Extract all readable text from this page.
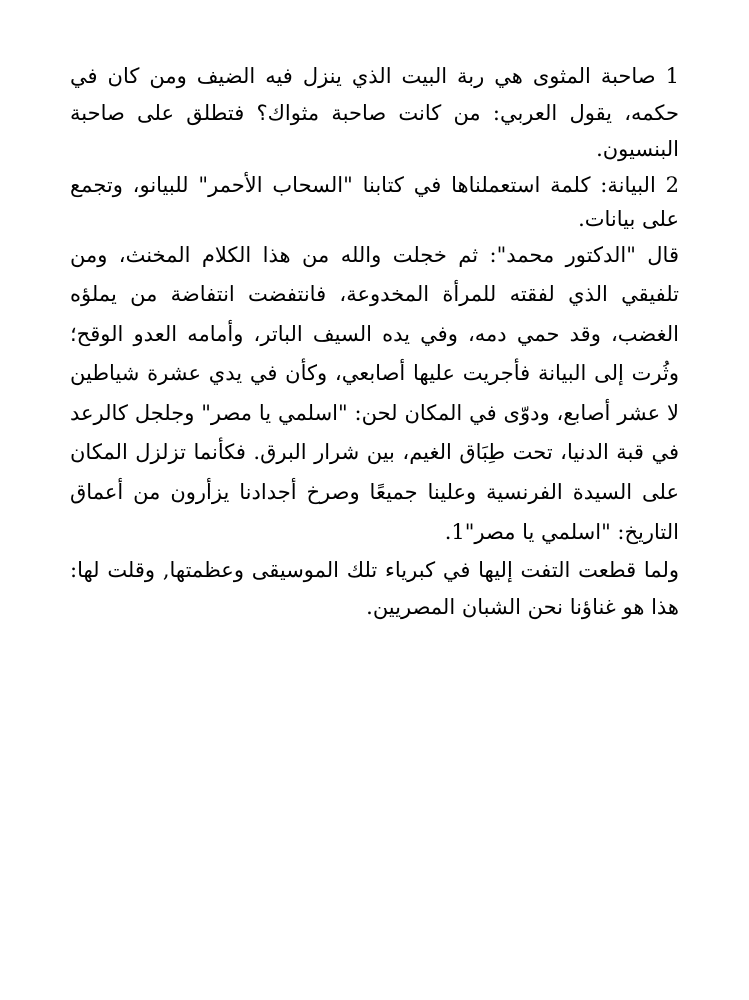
1 صاحبة المثوى هي ربة البيت الذي ينزل فيه الضيف ومن كان في حكمه، يقول العربي: من كانت صاحبة مثواك؟ فتطلق على صاحبة البنسيون.

2 البيانة: كلمة استعملناها في كتابنا "السحاب الأحمر" للبيانو، وتجمع على بيانات.

قال "الدكتور محمد": ثم خجلت والله من هذا الكلام المخنث، ومن تلفيقي الذي لفقته للمرأة المخدوعة، فانتفضت انتفاضة من يملؤه الغضب، وقد حمي دمه، وفي يده السيف الباتر، وأمامه العدو الوقح؛ وثُرت إلى البيانة فأجريت عليها أصابعي، وكأن في يدي عشرة شياطين لا عشر أصابع، ودوّى في المكان لحن: "اسلمي يا مصر" وجلجل كالرعد في قبة الدنيا، تحت طِبَاق الغيم، بين شرار البرق. فكأنما تزلزل المكان على السيدة الفرنسية وعلينا جميعًا وصرخ أجدادنا يزأرون من أعماق التاريخ: "اسلمي يا مصر"1.

ولما قطعت التفت إليها في كبرياء تلك الموسيقى وعظمتها, وقلت لها: هذا هو غناؤنا نحن الشبان المصريين.
